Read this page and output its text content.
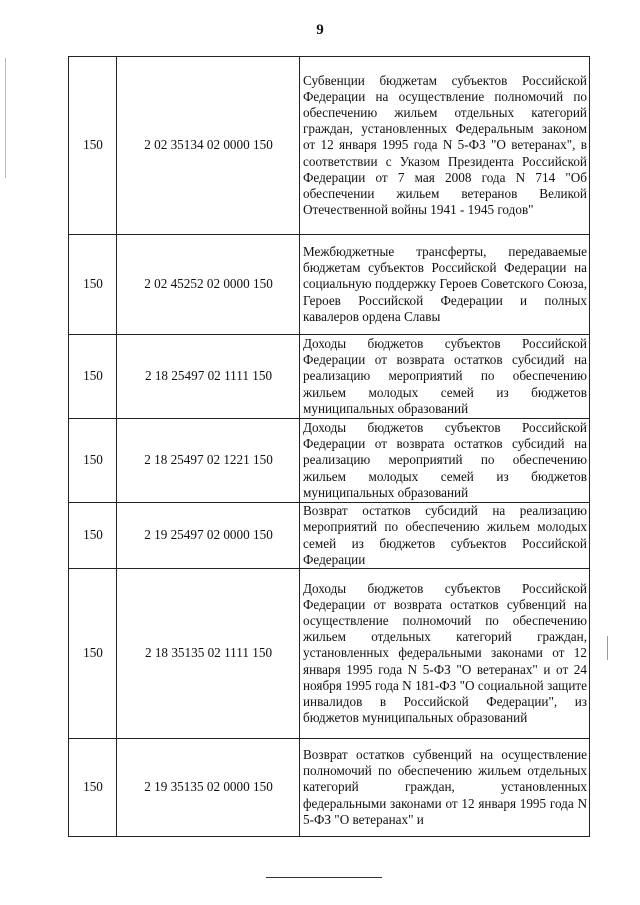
9
150	2 02 35134 02 0000 150	Субвенции бюджетам субъектов Российской Федерации на осуществление полномочий по обеспечению жильем отдельных категорий граждан, установленных Федеральным законом от 12 января 1995 года N 5-ФЗ "О ветеранах", в соответствии с Указом Президента Российской Федерации от 7 мая 2008 года N 714 "Об обеспечении жильем ветеранов Великой Отечественной войны 1941 - 1945 годов"

150	2 02 45252 02 0000 150	Межбюджетные трансферты, передаваемые бюджетам субъектов Российской Федерации на социальную поддержку Героев Советского Союза, Героев Российской Федерации и полных кавалеров ордена Славы

150	2 18 25497 02 1111 150	Доходы бюджетов субъектов Российской Федерации от возврата остатков субсидий на реализацию мероприятий по обеспечению жильем молодых семей из бюджетов муниципальных образований

150	2 18 25497 02 1221 150	Доходы бюджетов субъектов Российской Федерации от возврата остатков субсидий на реализацию мероприятий по обеспечению жильем молодых семей из бюджетов муниципальных образований

150	2 19 25497 02 0000 150	Возврат остатков субсидий на реализацию мероприятий по обеспечению жильем молодых семей из бюджетов субъектов Российской Федерации

150	2 18 35135 02 1111 150	Доходы бюджетов субъектов Российской Федерации от возврата остатков субвенций на осуществление полномочий по обеспечению жильем отдельных категорий граждан, установленных федеральными законами от 12 января 1995 года N 5-ФЗ "О ветеранах" и от 24 ноября 1995 года N 181-ФЗ "О социальной защите инвалидов в Российской Федерации", из бюджетов муниципальных образований

150	2 19 35135 02 0000 150	Возврат остатков субвенций на осуществление полномочий по обеспечению жильем отдельных категорий граждан, установленных федеральными законами от 12 января 1995 года N 5-ФЗ "О ветеранах" и
